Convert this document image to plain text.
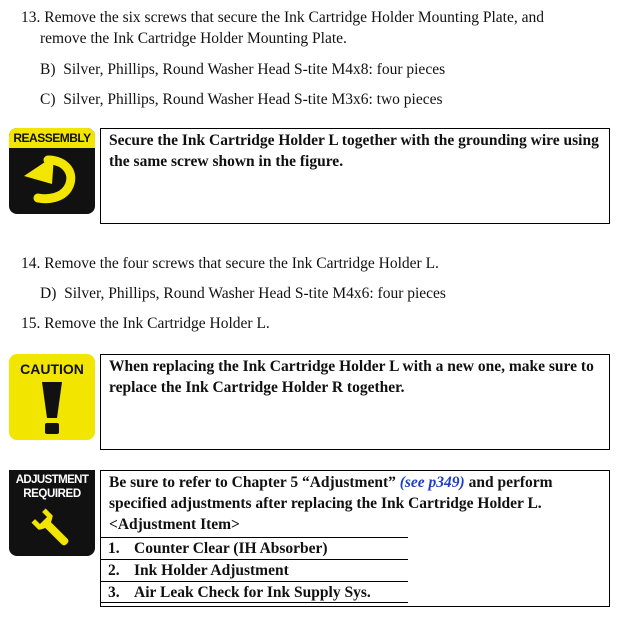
13. Remove the six screws that secure the Ink Cartridge Holder Mounting Plate, and
remove the Ink Cartridge Holder Mounting Plate.
B)  Silver, Phillips, Round Washer Head S-tite M4x8: four pieces
C)  Silver, Phillips, Round Washer Head S-tite M3x6: two pieces
REASSEMBLY	Secure the Ink Cartridge Holder L together with the grounding wire using the same screw shown in the figure.
14. Remove the four screws that secure the Ink Cartridge Holder L.
D)  Silver, Phillips, Round Washer Head S-tite M4x6: four pieces
15. Remove the Ink Cartridge Holder L.
CAUTION	When replacing the Ink Cartridge Holder L with a new one, make sure to replace the Ink Cartridge Holder R together.
ADJUSTMENT
REQUIRED
Be sure to refer to Chapter 5 “Adjustment” (see p349) and perform specified adjustments after replacing the Ink Cartridge Holder L.
<Adjustment Item>
1. Counter Clear (IH Absorber)
2. Ink Holder Adjustment
3. Air Leak Check for Ink Supply Sys.
